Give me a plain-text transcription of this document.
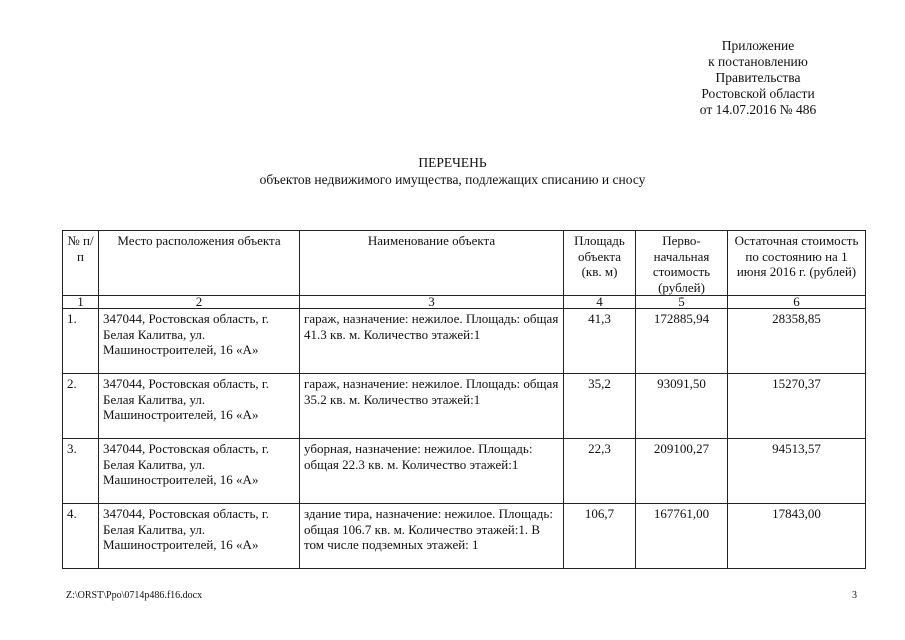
Приложение
к постановлению
Правительства
Ростовской области
от 14.07.2016 № 486
ПЕРЕЧЕНЬ
объектов недвижимого имущества, подлежащих списанию и сносу
№ п/п	Место расположения объекта	Наименование объекта	Площадь объекта (кв. м)	Перво-начальная стоимость (рублей)	Остаточная стоимость по состоянию на 1 июня 2016 г. (рублей)
1	2	3	4	5	6
1.	347044, Ростовская область, г. Белая Калитва, ул. Машиностроителей, 16 «А»	гараж, назначение: нежилое. Площадь: общая 41.3 кв. м. Количество этажей:1	41,3	172885,94	28358,85
2.	347044, Ростовская область, г. Белая Калитва, ул. Машиностроителей, 16 «А»	гараж, назначение: нежилое. Площадь: общая 35.2 кв. м. Количество этажей:1	35,2	93091,50	15270,37
3.	347044, Ростовская область, г. Белая Калитва, ул. Машиностроителей, 16 «А»	уборная, назначение: нежилое. Площадь: общая 22.3 кв. м. Количество этажей:1	22,3	209100,27	94513,57
4.	347044, Ростовская область, г. Белая Калитва, ул. Машиностроителей, 16 «А»	здание тира, назначение: нежилое. Площадь: общая 106.7 кв. м. Количество этажей:1. В том числе подземных этажей: 1	106,7	167761,00	17843,00
Z:\ORST\Ppo\0714p486.f16.docx	3
